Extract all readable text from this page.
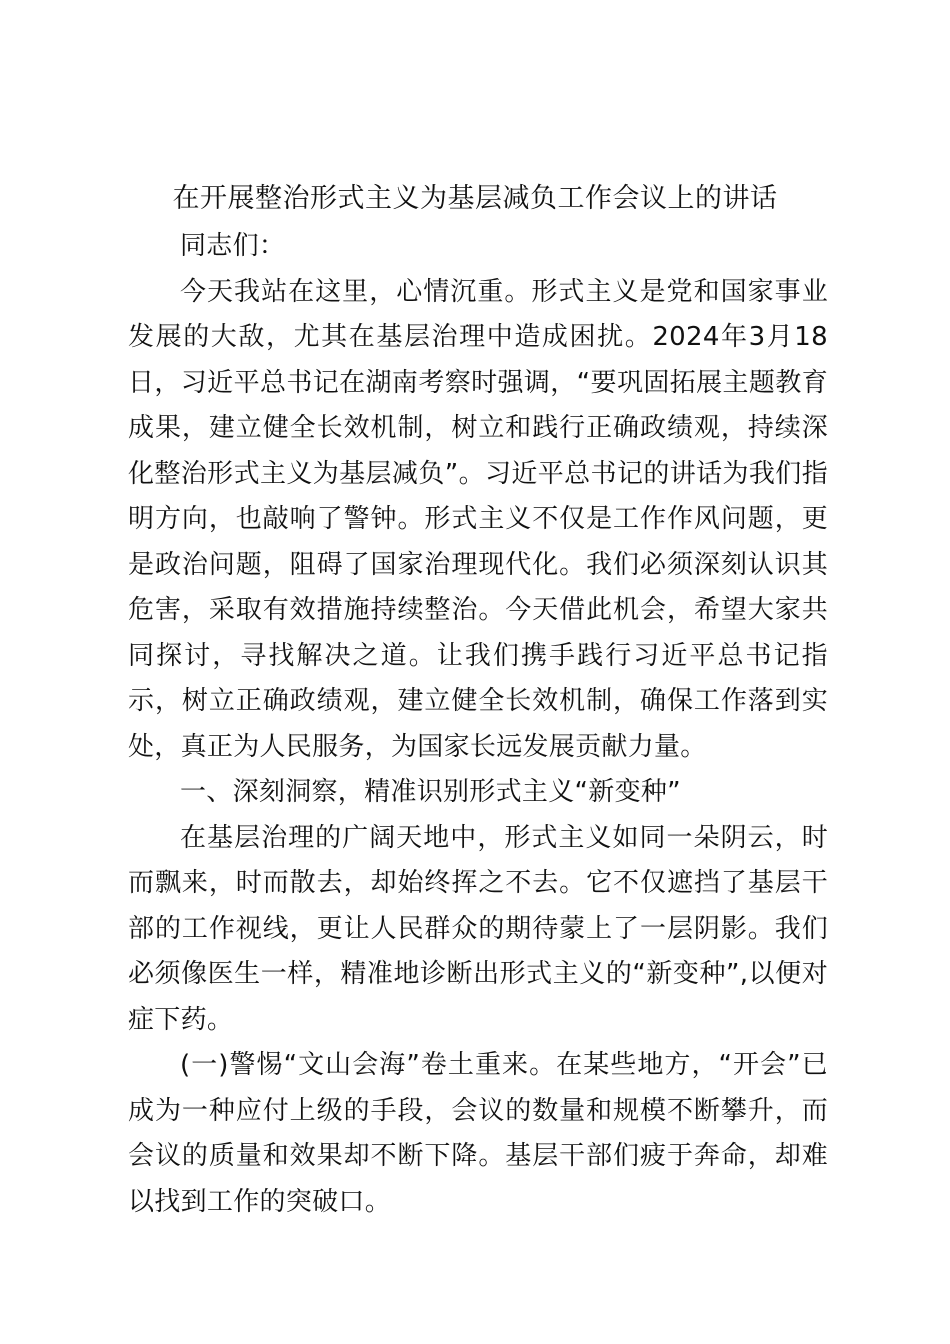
在开展整治形式主义为基层减负工作会议上的讲话

同志们：

今天我站在这里，心情沉重。形式主义是党和国家事业发展的大敌，尤其在基层治理中造成困扰。2024年3月18日，习近平总书记在湖南考察时强调，“要巩固拓展主题教育成果，建立健全长效机制，树立和践行正确政绩观，持续深化整治形式主义为基层减负”。习近平总书记的讲话为我们指明方向，也敲响了警钟。形式主义不仅是工作作风问题，更是政治问题，阻碍了国家治理现代化。我们必须深刻认识其危害，采取有效措施持续整治。今天借此机会，希望大家共同探讨，寻找解决之道。让我们携手践行习近平总书记指示，树立正确政绩观，建立健全长效机制，确保工作落到实处，真正为人民服务，为国家长远发展贡献力量。

一、深刻洞察，精准识别形式主义“新变种”

在基层治理的广阔天地中，形式主义如同一朵阴云，时而飘来，时而散去，却始终挥之不去。它不仅遮挡了基层干部的工作视线，更让人民群众的期待蒙上了一层阴影。我们必须像医生一样，精准地诊断出形式主义的“新变种”,以便对症下药。

(一)警惕“文山会海”卷土重来。在某些地方，“开会”已成为一种应付上级的手段，会议的数量和规模不断攀升，而会议的质量和效果却不断下降。基层干部们疲于奔命，却难以找到工作的突破口。
